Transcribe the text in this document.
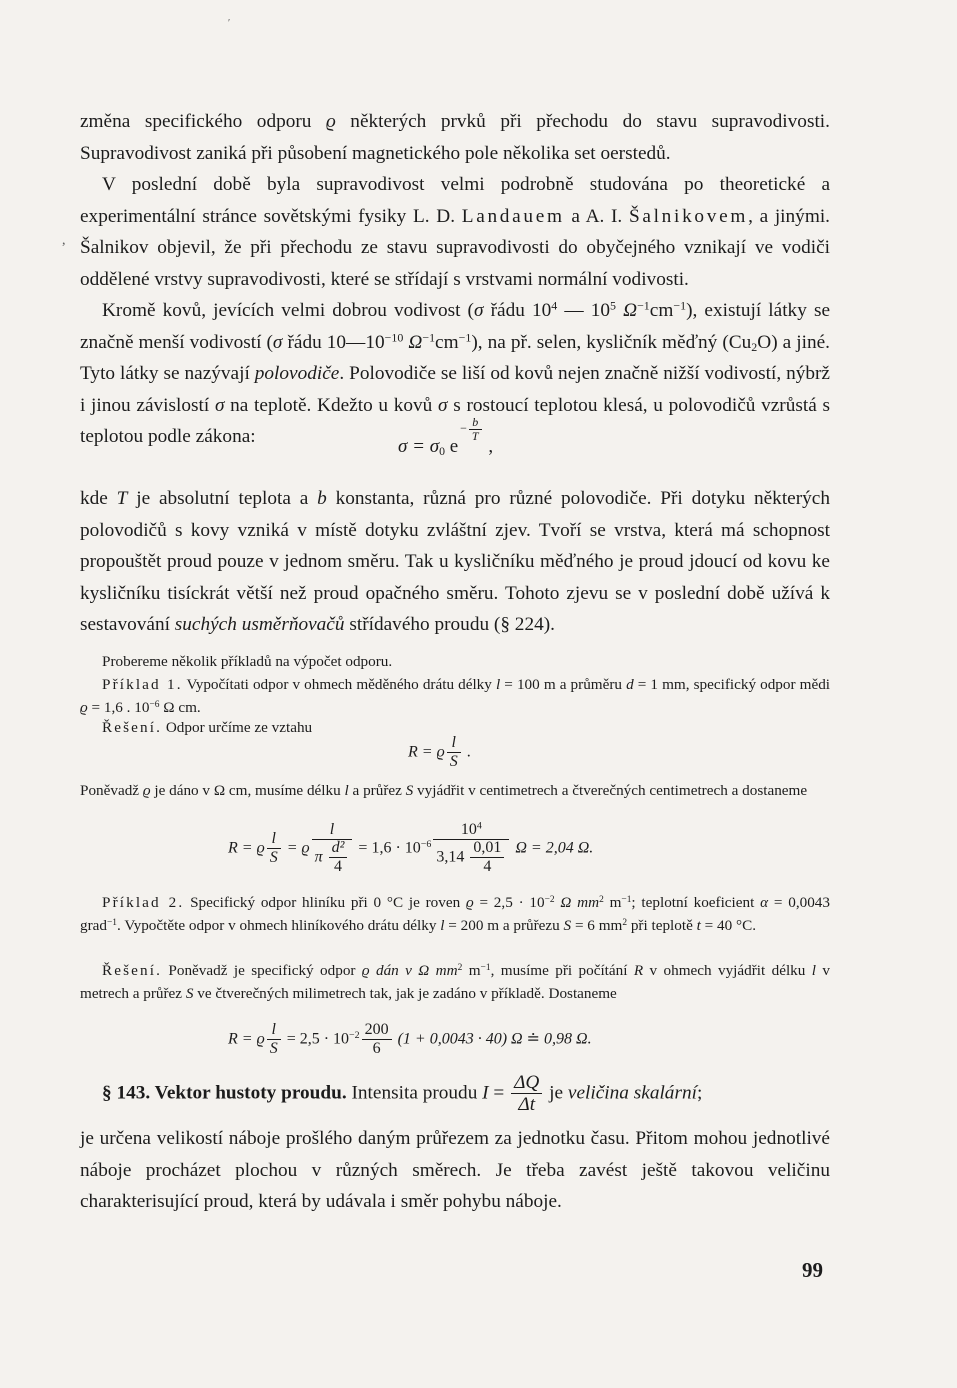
′
,

změna specifického odporu ϱ některých prvků při přechodu do stavu supravodivosti. Supravodivost zaniká při působení magnetického pole několika set oerstedů.

V poslední době byla supravodivost velmi podrobně studována po theoretické a experimentální stránce sovětskými fysiky L. D. Landauem a A. I. Šalnikovem, a jinými. Šalnikov objevil, že při přechodu ze stavu supravodivosti do obyčejného vznikají ve vodiči oddělené vrstvy supravodivosti, které se střídají s vrstvami normální vodivosti.

Kromě kovů, jevících velmi dobrou vodivost (σ řádu $10^4$ — $10^5$ $\Omega^{-1}cm^{-1}$), existují látky se značně menší vodivostí (σ řádu $10—10^{-10}$ $\Omega^{-1}cm^{-1}$), na př. selen, kysličník měďný $(Cu_2O)$ a jiné. Tyto látky se nazývají polovodiče. Polovodiče se liší od kovů nejen značně nižší vodivostí, nýbrž i jinou závislostí σ na teplotě. Kdežto u kovů σ s rostoucí teplotou klesá, u polovodičů vzrůstá s teplotou podle zákona:	$\sigma = \sigma_0$ $e- \frac{b}{T}$
,

kde T je absolutní teplota a b konstanta, různá pro různé polovodiče. Při dotyku některých polovodičů s kovy vzniká v místě dotyku zvláštní zjev. Tvoří se vrstva, která má schopnost propouštět proud pouze v jednom směru. Tak u kysličníku měďného je proud jdoucí od kovu ke kysličníku tisíckrát větší než proud opačného směru. Tohoto zjevu se v poslední době užívá k sestavování suchých usměrňovačů střídavého proudu (§ 224).

Probereme několik příkladů na výpočet odporu.

Příklad 1. Vypočítati odpor v ohmech měděného drátu délky l = 100 m a průměru d = 1 mm, specifický odpor mědi ϱ = 1,6 . $10^{-6}$ Ω cm.

Řešení. Odpor určíme ze vztahu

R = ϱ $\frac{l}{S}$ .

Poněvadž ϱ je dáno v Ω cm, musíme délku l a průřez S vyjádřit v centimetrech a čtverečných centimetrech a dostaneme

R = ϱ $\frac{l}{S} = ϱ \frac{l}{\pi \frac{\text{d²}}{4}} = 1,6 \cdot 10^{-6} \frac{10^4}{3,14 \frac{0,01}{4}}$ Ω = 2,04 Ω.

Příklad 2. Specifický odpor hliníku při 0 °C je roven $ϱ = 2,5 \cdot 10^{-2}$ Ω $mm^2$ $m^{-1}$; teplotní koeficient α = 0,0043 grad$^{-1}$. Vypočtěte odpor v ohmech hliníkového drátu délky l = 200 m a průřezu S = 6 $mm^2$ při teplotě t = 40 °C.

Řešení. Poněvadž je specifický odpor ϱ dán v Ω $mm^2$ $m^{-1}$, musíme při počítání R v ohmech vyjádřit délku l v metrech a průřez S ve čtverečných milimetrech tak, jak je zadáno v příkladě. Dostaneme

R = ϱ $\frac{l}{S} = 2,5 \cdot 10^{-2} \frac{200}{6} (1 + 0,0043 \cdot 40)$ Ω ≐ 0,98 Ω.
§ 143. Vektor hustoty proudu. Intensita proudu $I = \frac{\Delta Q}{\Delta t}$ je veličina skalární;

je určena velikostí náboje prošlého daným průřezem za jednotku času. Přitom mohou jednotlivé náboje procházet plochou v různých směrech. Je třeba zavést ještě takovou veličinu charakterisující proud, která by udávala i směr pohybu náboje.

99
